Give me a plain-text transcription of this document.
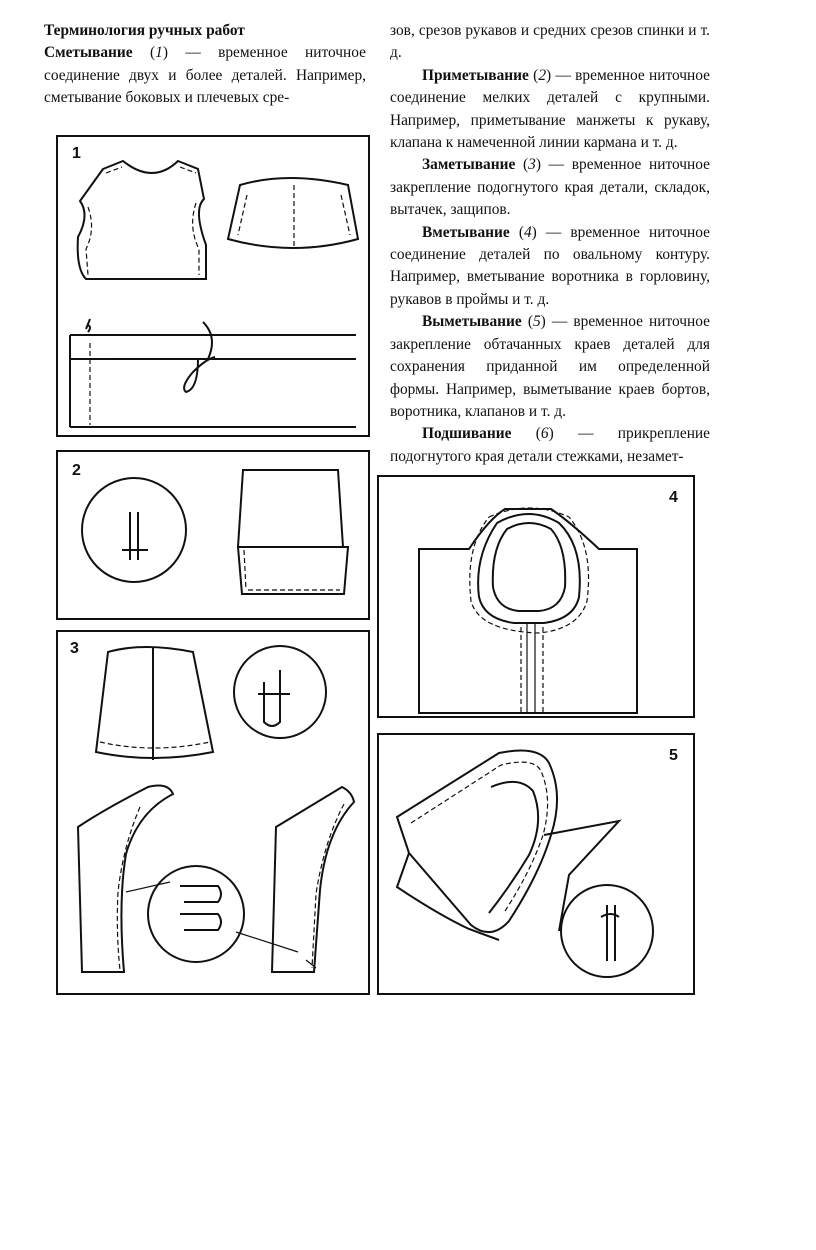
Терминология ручных работ

Сметывание (1) — временное ниточное соединение двух и более деталей. Например, сметывание боковых и плечевых сре-

зов, срезов рукавов и средних срезов спинки и т. д.

Приметывание (2) — временное ниточное соединение мелких деталей с крупными. Например, приметывание манжеты к рукаву, клапана к намеченной линии кармана и т. д.

Заметывание (3) — временное ниточное закрепление подогнутого края детали, складок, вытачек, защипов.

Вметывание (4) — временное ниточное соединение деталей по овальному контуру. Например, вметывание воротника в горловину, рукавов в проймы и т. д.

Выметывание (5) — временное ниточное закрепление обтачанных краев деталей для сохранения приданной им определенной формы. Например, выметывание краев бортов, воротника, клапанов и т. д.

Подшивание (6) — прикрепление подогнутого края детали стежками, незамет-

1
2
3
4
5
